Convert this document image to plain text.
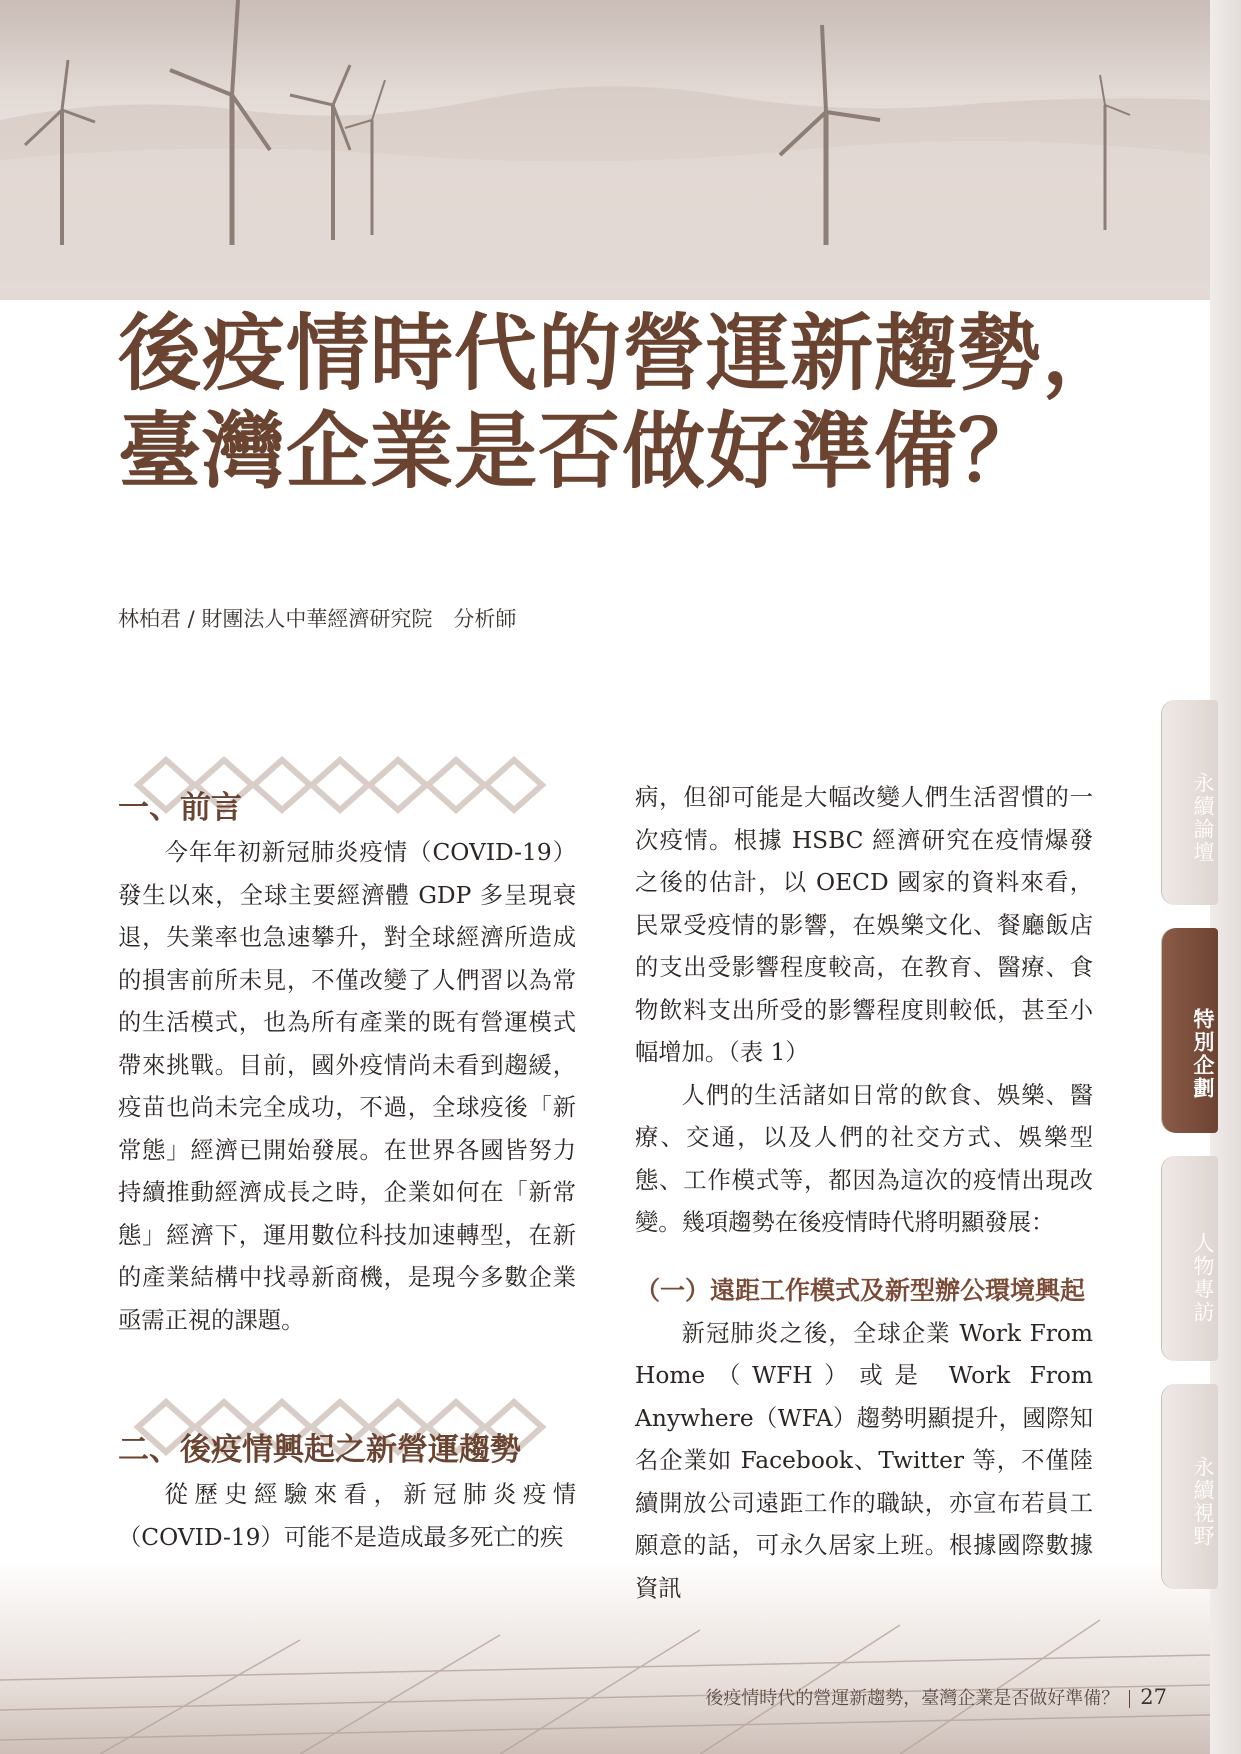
後疫情時代的營運新趨勢，
臺灣企業是否做好準備？
林柏君 / 財團法人中華經濟研究院　分析師
一、前言

今年年初新冠肺炎疫情（COVID-19）發生以來，全球主要經濟體 GDP 多呈現衰退，失業率也急速攀升，對全球經濟所造成的損害前所未見，不僅改變了人們習以為常的生活模式，也為所有產業的既有營運模式帶來挑戰。目前，國外疫情尚未看到趨緩，疫苗也尚未完全成功，不過，全球疫後「新常態」經濟已開始發展。在世界各國皆努力持續推動經濟成長之時，企業如何在「新常態」經濟下，運用數位科技加速轉型，在新的產業結構中找尋新商機，是現今多數企業亟需正視的課題。

二、後疫情興起之新營運趨勢

從歷史經驗來看，新冠肺炎疫情（COVID-19）可能不是造成最多死亡的疾

病，但卻可能是大幅改變人們生活習慣的一次疫情。根據 HSBC 經濟研究在疫情爆發之後的估計，以 OECD 國家的資料來看，民眾受疫情的影響，在娛樂文化、餐廳飯店的支出受影響程度較高，在教育、醫療、食物飲料支出所受的影響程度則較低，甚至小幅增加。（表 1）

人們的生活諸如日常的飲食、娛樂、醫療、交通，以及人們的社交方式、娛樂型態、工作模式等，都因為這次的疫情出現改變。幾項趨勢在後疫情時代將明顯發展：

（一）遠距工作模式及新型辦公環境興起

新冠肺炎之後，全球企業 Work From Home（WFH）或是 Work From Anywhere（WFA）趨勢明顯提升，國際知名企業如 Facebook、Twitter 等，不僅陸續開放公司遠距工作的職缺，亦宣布若員工願意的話，可永久居家上班。根據國際數據資訊

永續論壇
特別企劃
人物專訪
永續視野
後疫情時代的營運新趨勢，臺灣企業是否做好準備？ 27
